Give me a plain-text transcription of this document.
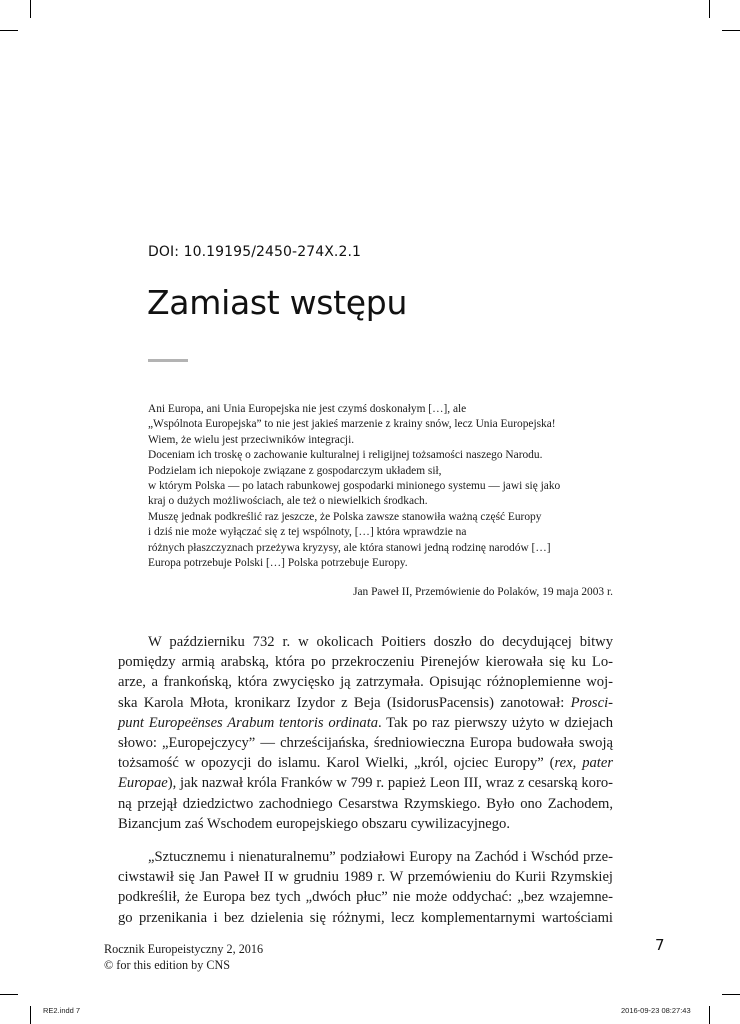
DOI: 10.19195/2450-274X.2.1
Zamiast wstępu
Ani Europa, ani Unia Europejska nie jest czymś doskonałym […], ale
„Wspólnota Europejska” to nie jest jakieś marzenie z krainy snów, lecz Unia Europejska!
Wiem, że wielu jest przeciwników integracji.
Doceniam ich troskę o zachowanie kulturalnej i religijnej tożsamości naszego Narodu.
Podzielam ich niepokoje związane z gospodarczym układem sił,
w którym Polska — po latach rabunkowej gospodarki minionego systemu — jawi się jako
kraj o dużych możliwościach, ale też o niewielkich środkach.
Muszę jednak podkreślić raz jeszcze, że Polska zawsze stanowiła ważną część Europy
i dziś nie może wyłączać się z tej wspólnoty, […] która wprawdzie na
różnych płaszczyznach przeżywa kryzysy, ale która stanowi jedną rodzinę narodów […]
Europa potrzebuje Polski […] Polska potrzebuje Europy.
Jan Paweł II, Przemówienie do Polaków, 19 maja 2003 r.
W październiku 732 r. w okolicach Poitiers doszło do decydującej bitwy
pomiędzy armią arabską, która po przekroczeniu Pirenejów kierowała się ku Lo-
arze, a frankońską, która zwycięsko ją zatrzymała. Opisując różnoplemienne woj-
ska Karola Młota, kronikarz Izydor z Beja (IsidorusPacensis) zanotował: Prosci-
punt Europeënses Arabum tentoris ordinata. Tak po raz pierwszy użyto w dziejach
słowo: „Europejczycy” — chrześcijańska, średniowieczna Europa budowała swoją
tożsamość w opozycji do islamu. Karol Wielki, „król, ojciec Europy” (rex, pater
Europae), jak nazwał króla Franków w 799 r. papież Leon III, wraz z cesarską koro-
ną przejął dziedzictwo zachodniego Cesarstwa Rzymskiego. Było ono Zachodem,
Bizancjum zaś Wschodem europejskiego obszaru cywilizacyjnego.
„Sztucznemu i nienaturalnemu” podziałowi Europy na Zachód i Wschód prze-
ciwstawił się Jan Paweł II w grudniu 1989 r. W przemówieniu do Kurii Rzymskiej
podkreślił, że Europa bez tych „dwóch płuc” nie może oddychać: „bez wzajemne-
go przenikania i bez dzielenia się różnymi, lecz komplementarnymi wartościami
Rocznik Europeistyczny 2, 2016
© for this edition by CNS
7
RE2.indd 7	2016-09-23 08:27:43
